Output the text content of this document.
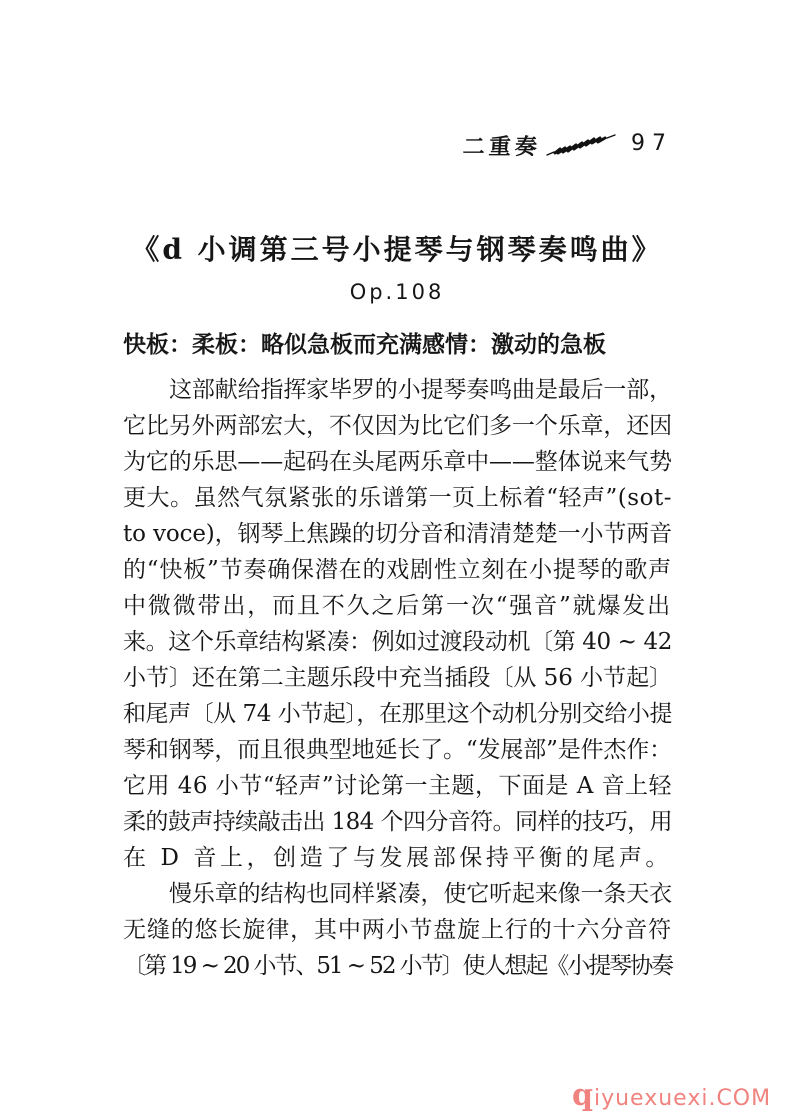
二重奏	97
《d 小调第三号小提琴与钢琴奏鸣曲》
Op.108
快板：柔板：略似急板而充满感情：激动的急板
这部献给指挥家毕罗的小提琴奏鸣曲是最后一部，
它比另外两部宏大，不仅因为比它们多一个乐章，还因
为它的乐思——起码在头尾两乐章中——整体说来气势
更大。虽然气氛紧张的乐谱第一页上标着“轻声”(sot-
to voce)，钢琴上焦躁的切分音和清清楚楚一小节两音
的“快板”节奏确保潜在的戏剧性立刻在小提琴的歌声
中微微带出，而且不久之后第一次“强音”就爆发出
来。这个乐章结构紧凑：例如过渡段动机〔第 40 ~ 42
小节〕还在第二主题乐段中充当插段〔从 56 小节起〕
和尾声〔从 74 小节起〕，在那里这个动机分别交给小提
琴和钢琴，而且很典型地延长了。“发展部”是件杰作：
它用 46 小节“轻声”讨论第一主题，下面是 A 音上轻
柔的鼓声持续敲击出 184 个四分音符。同样的技巧，用
在 D 音上，创造了与发展部保持平衡的尾声。
慢乐章的结构也同样紧凑，使它听起来像一条天衣
无缝的悠长旋律，其中两小节盘旋上行的十六分音符
〔第 19 ~ 20 小节、51 ~ 52 小节〕使人想起《小提琴协奏
qiyuexuexi.COM
